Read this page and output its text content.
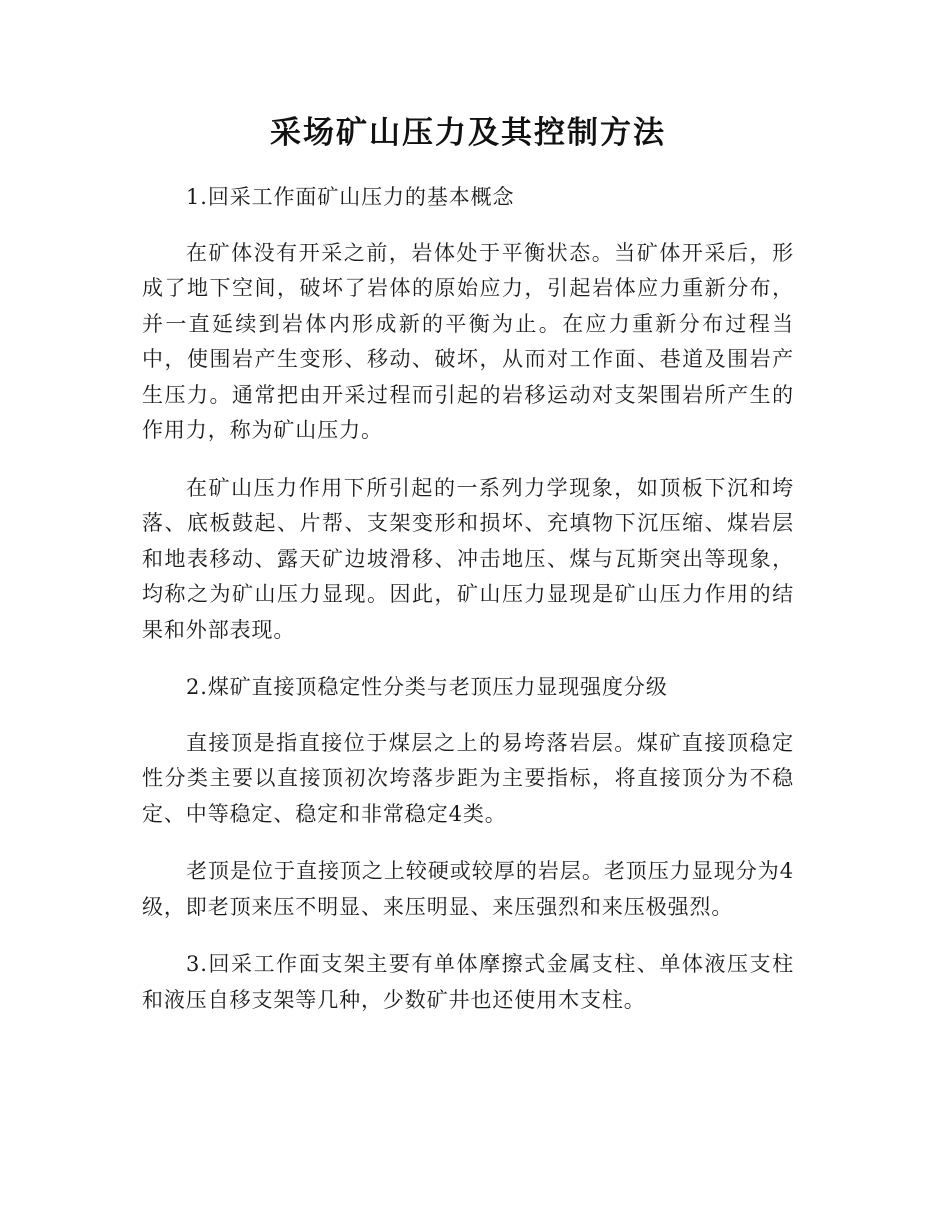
采场矿山压力及其控制方法

1.回采工作面矿山压力的基本概念

在矿体没有开采之前，岩体处于平衡状态。当矿体开采后，形成了地下空间，破坏了岩体的原始应力，引起岩体应力重新分布，并一直延续到岩体内形成新的平衡为止。在应力重新分布过程当中，使围岩产生变形、移动、破坏，从而对工作面、巷道及围岩产生压力。通常把由开采过程而引起的岩移运动对支架围岩所产生的作用力，称为矿山压力。

在矿山压力作用下所引起的一系列力学现象，如顶板下沉和垮落、底板鼓起、片帮、支架变形和损坏、充填物下沉压缩、煤岩层和地表移动、露天矿边坡滑移、冲击地压、煤与瓦斯突出等现象，均称之为矿山压力显现。因此，矿山压力显现是矿山压力作用的结果和外部表现。

2.煤矿直接顶稳定性分类与老顶压力显现强度分级

直接顶是指直接位于煤层之上的易垮落岩层。煤矿直接顶稳定性分类主要以直接顶初次垮落步距为主要指标，将直接顶分为不稳定、中等稳定、稳定和非常稳定4类。

老顶是位于直接顶之上较硬或较厚的岩层。老顶压力显现分为4级，即老顶来压不明显、来压明显、来压强烈和来压极强烈。

3.回采工作面支架主要有单体摩擦式金属支柱、单体液压支柱和液压自移支架等几种，少数矿井也还使用木支柱。
